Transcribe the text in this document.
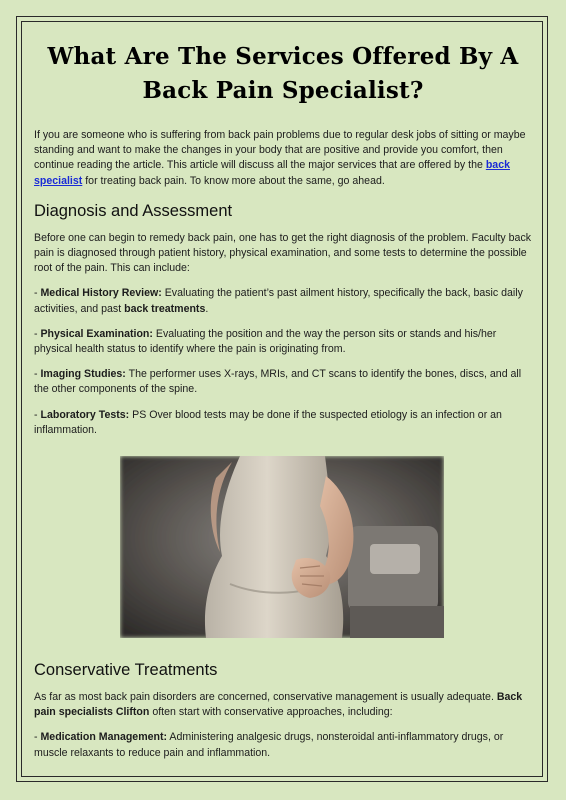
What Are The Services Offered By A Back Pain Specialist?

If you are someone who is suffering from back pain problems due to regular desk jobs of sitting or maybe standing and want to make the changes in your body that are positive and provide you comfort, then continue reading the article. This article will discuss all the major services that are offered by the back specialist for treating back pain. To know more about the same, go ahead.

Diagnosis and Assessment

Before one can begin to remedy back pain, one has to get the right diagnosis of the problem. Faculty back pain is diagnosed through patient history, physical examination, and some tests to determine the possible root of the pain. This can include:

- Medical History Review: Evaluating the patient’s past ailment history, specifically the back, basic daily activities, and past back treatments.

- Physical Examination: Evaluating the position and the way the person sits or stands and his/her physical health status to identify where the pain is originating from.

- Imaging Studies: The performer uses X-rays, MRIs, and CT scans to identify the bones, discs, and all the other components of the spine.

- Laboratory Tests: PS Over blood tests may be done if the suspected etiology is an infection or an inflammation.

Conservative Treatments

As far as most back pain disorders are concerned, conservative management is usually adequate. Back pain specialists Clifton often start with conservative approaches, including:

- Medication Management: Administering analgesic drugs, nonsteroidal anti-inflammatory drugs, or muscle relaxants to reduce pain and inflammation.
